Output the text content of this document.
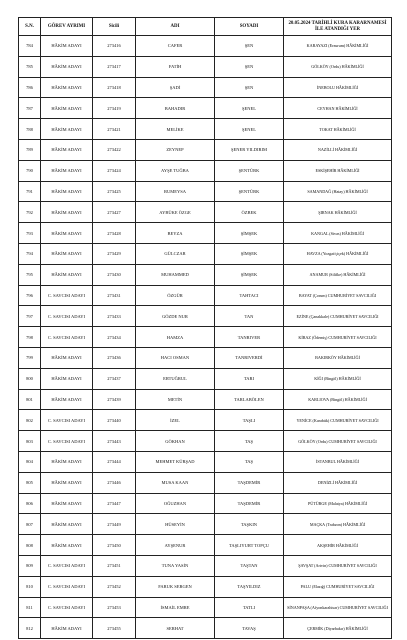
S.N.	GÖREV AYRIMI	Sicili	ADI	SOYADI	20.05.2024 TARİHLİ KURA KARARNAMESİ İLE ATANDIĞI YER
784	HÂKİM ADAYI	273416	CAFER	ŞEN	KARAYAZI (Erzurum) HÂKİMLİĞİ
785	HÂKİM ADAYI	273417	FATİH	ŞEN	GÖLKÖY (Ordu) HÂKİMLİĞİ
786	HÂKİM ADAYI	273418	ŞADİ	ŞEN	İNEBOLU HÂKİMLİĞİ
787	HÂKİM ADAYI	273419	BAHADIR	ŞENEL	CEYHAN HÂKİMLİĞİ
788	HÂKİM ADAYI	273421	MELİKE	ŞENEL	TOKAT HÂKİMLİĞİ
789	HÂKİM ADAYI	273422	ZEYNEP	ŞENER YILDIRIM	NAZİLLİ HÂKİMLİĞİ
790	HÂKİM ADAYI	273424	AYŞE TUĞBA	ŞENTÜRK	ESKİŞEHİR HÂKİMLİĞİ
791	HÂKİM ADAYI	273425	RUMEYSA	ŞENTÜRK	SAMANDAĞ (Hatay) HÂKİMLİĞİ
792	HÂKİM ADAYI	273427	AYBÜKE ÖZGE	ÖZBEK	ŞIRNAK HÂKİMLİĞİ
793	HÂKİM ADAYI	273428	BEYZA	ŞİMŞEK	KANGAL (Sivas) HÂKİMLİĞİ
794	HÂKİM ADAYI	273429	GÜLCZAR	ŞİMŞEK	HAVZA (Yozgat/çiçek) HÂKİMLİĞİ
795	HÂKİM ADAYI	273430	MUHAMMED	ŞİMŞEK	ANAMUR (Silifke) HÂKİMLİĞİ
796	C. SAVCISI ADAYI	273431	ÖZGÜR	TAHTACI	BAYAT (Çorum) CUMHURİYET SAVCILIĞI
797	C. SAVCISI ADAYI	273433	GÖZDE NUR	TAN	EZİNE (Çanakkale) CUMHURİYET SAVCILIĞI
798	C. SAVCISI ADAYI	273434	HAMZA	TANRIVER	KİRAZ (Ödemiş) CUMHURİYET SAVCILIĞI
799	HÂKİM ADAYI	273436	HACI OSMAN	TANRIVERDİ	BAKIRKÖY HÂKİMLİĞİ
800	HÂKİM ADAYI	273437	ERTUĞRUL	TARI	KİĞI (Bingöl) HÂKİMLİĞİ
801	HÂKİM ADAYI	273439	METİN	TARLABÖLEN	KARLIOVA (Bingöl) HÂKİMLİĞİ
802	C. SAVCISI ADAYI	273440	İZEL	TAŞLI	YENİCE (Karabük) CUMHURİYET SAVCILIĞI
803	C. SAVCISI ADAYI	273443	GÖKHAN	TAŞ	GÖLKÖY (Ordu) CUMHURİYET SAVCILIĞI
804	HÂKİM ADAYI	273444	MEHMET KÜRŞAD	TAŞ	İSTANBUL HÂKİMLİĞİ
805	HÂKİM ADAYI	273446	MUSA KAAN	TAŞDEMİR	DENİZLİ HÂKİMLİĞİ
806	HÂKİM ADAYI	273447	OĞUZHAN	TAŞDEMİR	PÜTÜRGE (Malatya) HÂKİMLİĞİ
807	HÂKİM ADAYI	273449	HÜSEYİN	TAŞKIN	MAÇKA (Trabzon) HÂKİMLİĞİ
808	HÂKİM ADAYI	273450	AYŞENUR	TAŞLIYURT TOPÇU	AKŞEHİR HÂKİMLİĞİ
809	C. SAVCISI ADAYI	273451	TUNA YASİN	TAŞTAN	ŞAVŞAT (Artvin) CUMHURİYET SAVCILIĞI
810	C. SAVCISI ADAYI	273452	FARUK SERGEN	TAŞYILDIZ	PALU (Elazığ) CUMHURİYET SAVCILIĞI
811	C. SAVCISI ADAYI	273453	İSMAİL EMRE	TATLI	SİNANPAŞA (Afyonkarahisar) CUMHURİYET SAVCILIĞI
812	HÂKİM ADAYI	273455	SERHAT	TAVAŞ	ÇERMİK (Diyarbakır) HÂKİMLİĞİ
